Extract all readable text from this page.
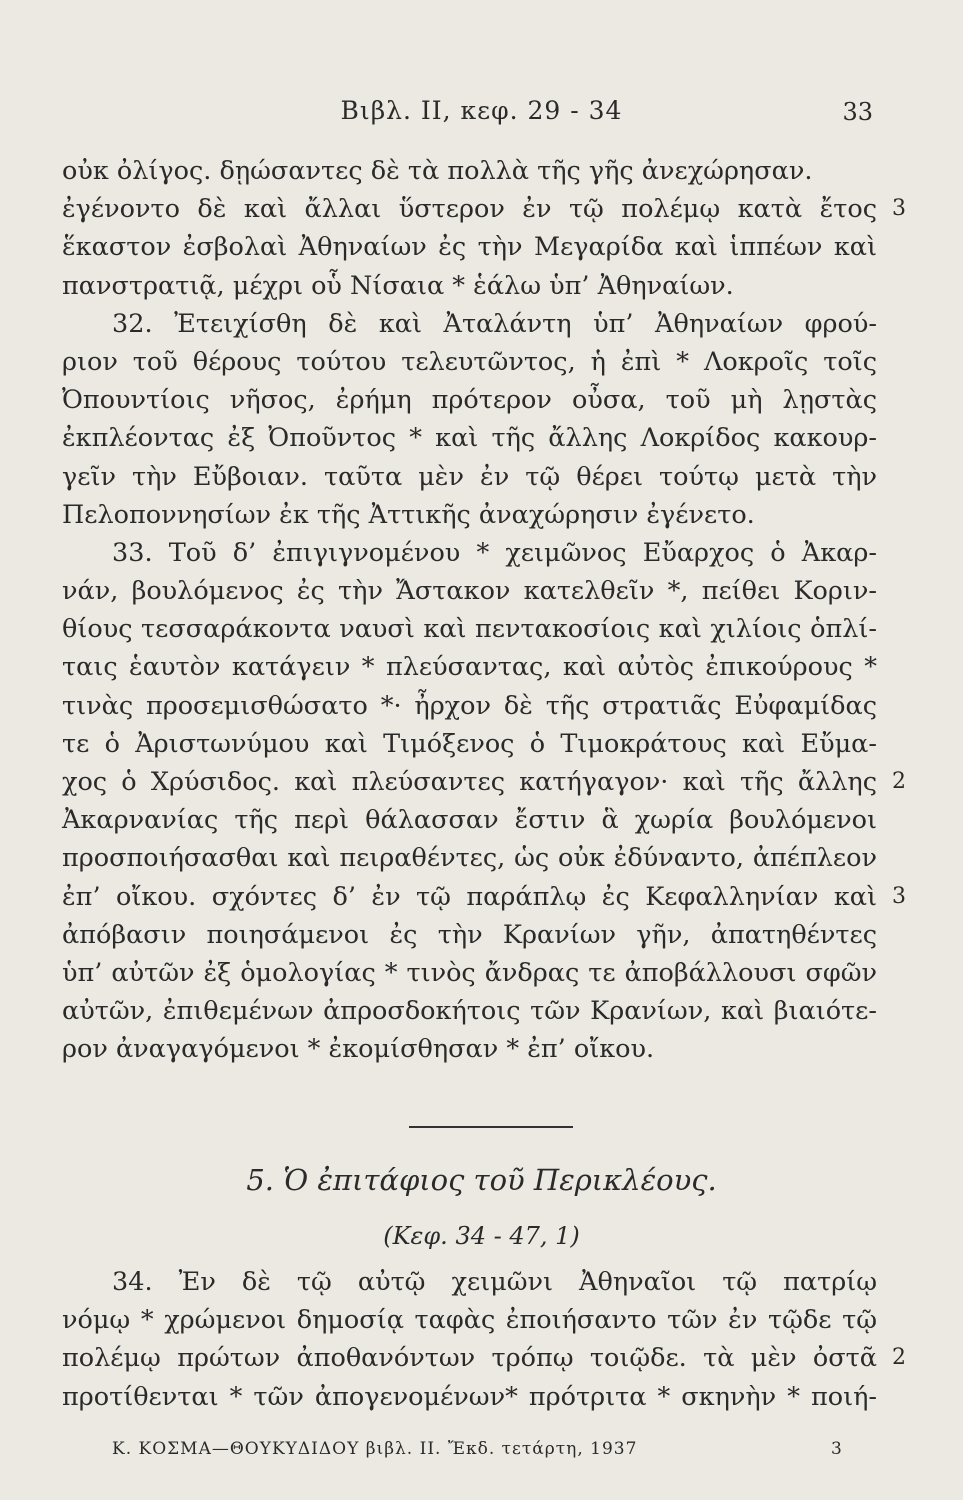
Βιβλ. II, κεφ. 29 - 34	33
οὐκ ὀλίγος. δῃώσαντες δὲ τὰ πολλὰ τῆς γῆς ἀνεχώρησαν.
ἐγένοντο δὲ καὶ ἄλλαι ὕστερον ἐν τῷ πολέμῳ κατὰ ἔτος 3
ἕκαστον ἐσβολαὶ Ἀθηναίων ἐς τὴν Μεγαρίδα καὶ ἱππέων καὶ
πανστρατιᾷ, μέχρι οὗ Νίσαια * ἑάλω ὑπ’ Ἀθηναίων.
32. Ἐτειχίσθη δὲ καὶ Ἀταλάντη ὑπ’ Ἀθηναίων φρού-
ριον τοῦ θέρους τούτου τελευτῶντος, ἡ ἐπὶ * Λοκροῖς τοῖς
Ὀπουντίοις νῆσος, ἐρήμη πρότερον οὖσα, τοῦ μὴ λῃστὰς
ἐκπλέοντας ἐξ Ὀποῦντος * καὶ τῆς ἄλλης Λοκρίδος κακουρ-
γεῖν τὴν Εὔβοιαν. ταῦτα μὲν ἐν τῷ θέρει τούτῳ μετὰ τὴν
Πελοποννησίων ἐκ τῆς Ἀττικῆς ἀναχώρησιν ἐγένετο.
33. Τοῦ δ’ ἐπιγιγνομένου * χειμῶνος Εὔαρχος ὁ Ἀκαρ-
νάν, βουλόμενος ἐς τὴν Ἄστακον κατελθεῖν *, πείθει Κοριν-
θίους τεσσαράκοντα ναυσὶ καὶ πεντακοσίοις καὶ χιλίοις ὁπλί-
ταις ἑαυτὸν κατάγειν * πλεύσαντας, καὶ αὐτὸς ἐπικούρους *
τινὰς προσεμισθώσατο *· ἦρχον δὲ τῆς στρατιᾶς Εὐφαμίδας
τε ὁ Ἀριστωνύμου καὶ Τιμόξενος ὁ Τιμοκράτους καὶ Εὔμα-
χος ὁ Χρύσιδος. καὶ πλεύσαντες κατήγαγον· καὶ τῆς ἄλλης 2
Ἀκαρνανίας τῆς περὶ θάλασσαν ἔστιν ἃ χωρία βουλόμενοι
προσποιήσασθαι καὶ πειραθέντες, ὡς οὐκ ἐδύναντο, ἀπέπλεον
ἐπ’ οἴκου. σχόντες δ’ ἐν τῷ παράπλῳ ἐς Κεφαλληνίαν καὶ 3
ἀπόβασιν ποιησάμενοι ἐς τὴν Κρανίων γῆν, ἀπατηθέντες
ὑπ’ αὐτῶν ἐξ ὁμολογίας * τινὸς ἄνδρας τε ἀποβάλλουσι σφῶν
αὐτῶν, ἐπιθεμένων ἀπροσδοκήτοις τῶν Κρανίων, καὶ βιαιότε-
ρον ἀναγαγόμενοι * ἐκομίσθησαν * ἐπ’ οἴκου.
5. Ὁ ἐπιτάφιος τοῦ Περικλέους.
(Κεφ. 34 - 47, 1)
34. Ἐν δὲ τῷ αὐτῷ χειμῶνι Ἀθηναῖοι τῷ πατρίῳ
νόμῳ * χρώμενοι δημοσίᾳ ταφὰς ἐποιήσαντο τῶν ἐν τῷδε τῷ
πολέμῳ πρώτων ἀποθανόντων τρόπῳ τοιῷδε. τὰ μὲν ὀστᾶ 2
προτίθενται * τῶν ἀπογενομένων* πρότριτα * σκηνὴν * ποιή-
Κ. ΚΟΣΜΑ—ΘΟΥΚΥΔΙΔΟΥ βιβλ. II. Ἔκδ. τετάρτη, 1937	3
